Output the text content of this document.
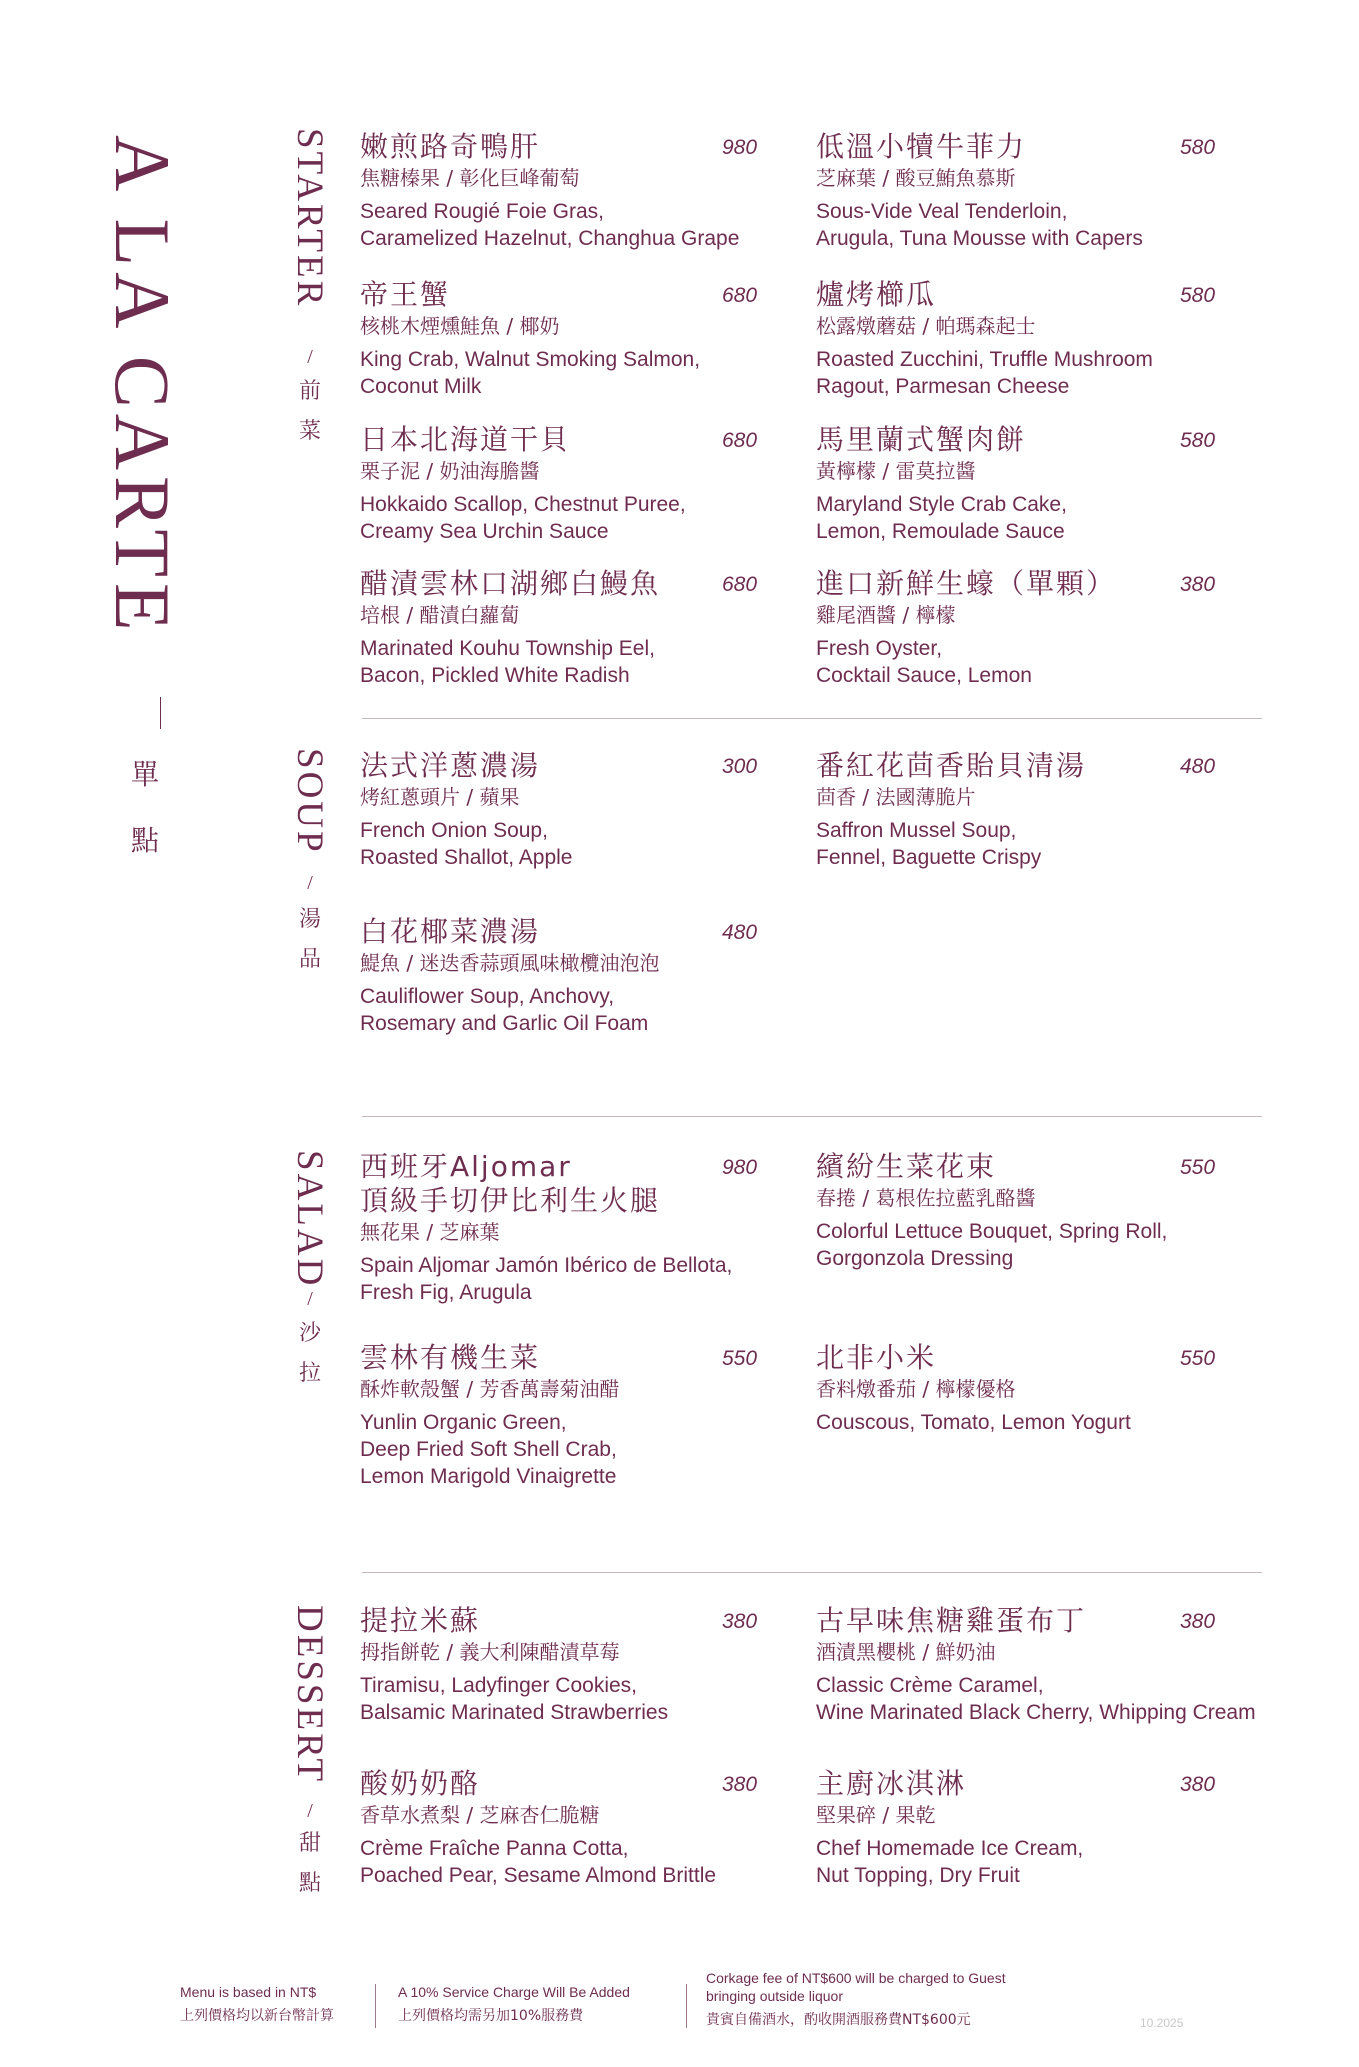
A LA CARTE
單
點
STARTER
/
前
菜
SOUP
/
湯
品
SALAD
/
沙
拉
DESSERT
/
甜
點
嫩煎路奇鴨肝
焦糖榛果 / 彰化巨峰葡萄
Seared Rougié Foie Gras,
Caramelized Hazelnut, Changhua Grape
980 低溫小犢牛菲力
芝麻葉 / 酸豆鮪魚慕斯
Sous-Vide Veal Tenderloin,
Arugula, Tuna Mousse with Capers
580
帝王蟹
核桃木煙燻鮭魚 / 椰奶
King Crab, Walnut Smoking Salmon,
Coconut Milk
680 爐烤櫛瓜
松露燉蘑菇 / 帕瑪森起士
Roasted Zucchini, Truffle Mushroom
Ragout, Parmesan Cheese
580
日本北海道干貝
栗子泥 / 奶油海膽醬
Hokkaido Scallop, Chestnut Puree,
Creamy Sea Urchin Sauce
680 馬里蘭式蟹肉餅
黃檸檬 / 雷莫拉醬
Maryland Style Crab Cake,
Lemon, Remoulade Sauce
580
醋漬雲林口湖鄉白鰻魚
培根 / 醋漬白蘿蔔
Marinated Kouhu Township Eel,
Bacon, Pickled White Radish
680 進口新鮮生蠔（單顆）
雞尾酒醬 / 檸檬
Fresh Oyster,
Cocktail Sauce, Lemon
380
法式洋蔥濃湯
烤紅蔥頭片 / 蘋果
French Onion Soup,
Roasted Shallot, Apple
300 番紅花茴香貽貝清湯
茴香 / 法國薄脆片
Saffron Mussel Soup,
Fennel, Baguette Crispy
480
白花椰菜濃湯
鯷魚 / 迷迭香蒜頭風味橄欖油泡泡
Cauliflower Soup, Anchovy,
Rosemary and Garlic Oil Foam
480
西班牙Aljomar
頂級手切伊比利生火腿
無花果 / 芝麻葉
Spain Aljomar Jamón Ibérico de Bellota,
Fresh Fig, Arugula
980 繽紛生菜花束
春捲 / 葛根佐拉藍乳酪醬
Colorful Lettuce Bouquet, Spring Roll,
Gorgonzola Dressing
550
雲林有機生菜
酥炸軟殼蟹 / 芳香萬壽菊油醋
Yunlin Organic Green,
Deep Fried Soft Shell Crab,
Lemon Marigold Vinaigrette
550 北非小米
香料燉番茄 / 檸檬優格
Couscous, Tomato, Lemon Yogurt
550
提拉米蘇
拇指餅乾 / 義大利陳醋漬草莓
Tiramisu, Ladyfinger Cookies,
Balsamic Marinated Strawberries
380 古早味焦糖雞蛋布丁
酒漬黑櫻桃 / 鮮奶油
Classic Crème Caramel,
Wine Marinated Black Cherry, Whipping Cream
380
酸奶奶酪
香草水煮梨 / 芝麻杏仁脆糖
Crème Fraîche Panna Cotta,
Poached Pear, Sesame Almond Brittle
380 主廚冰淇淋
堅果碎 / 果乾
Chef Homemade Ice Cream,
Nut Topping, Dry Fruit
380
Menu is based in NT$
上列價格均以新台幣計算
A 10% Service Charge Will Be Added
上列價格均需另加10%服務費
Corkage fee of NT$600 will be charged to Guest
bringing outside liquor
貴賓自備酒水，酌收開酒服務費NT$600元	10.2025
